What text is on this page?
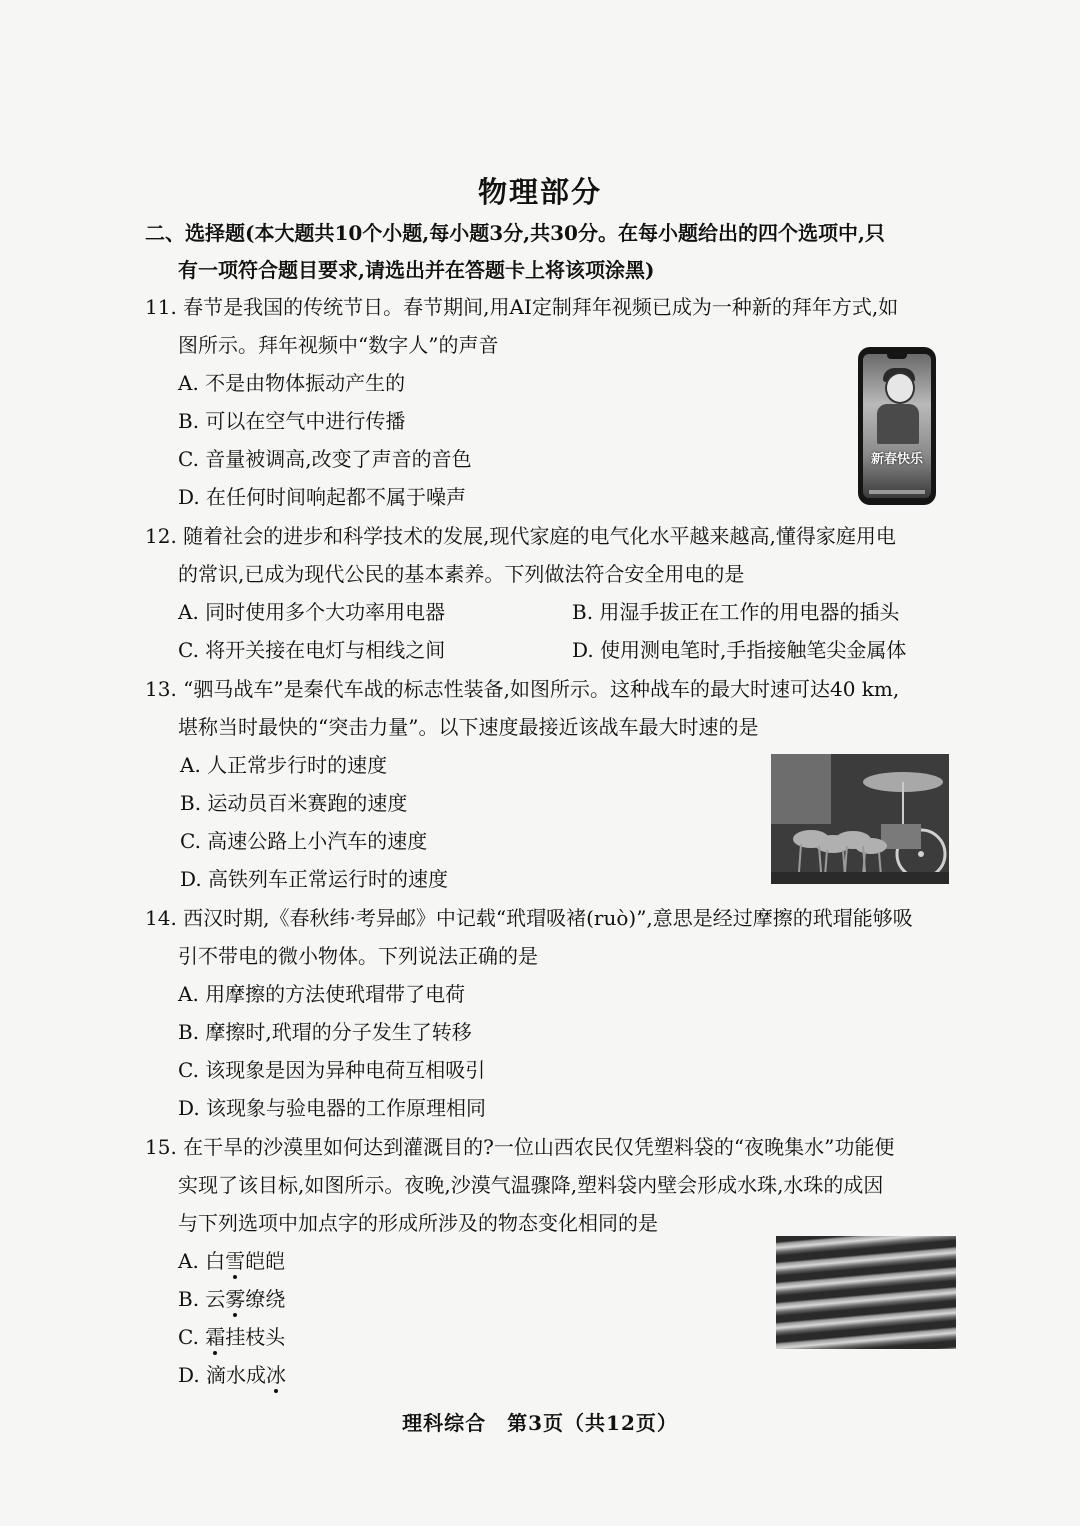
物理部分
二、选择题(本大题共10个小题,每小题3分,共30分。在每小题给出的四个选项中,只
有一项符合题目要求,请选出并在答题卡上将该项涂黑)
11. 春节是我国的传统节日。春节期间,用AI定制拜年视频已成为一种新的拜年方式,如
图所示。拜年视频中“数字人”的声音
A. 不是由物体振动产生的
B. 可以在空气中进行传播
C. 音量被调高,改变了声音的音色
D. 在任何时间响起都不属于噪声
新春快乐
12. 随着社会的进步和科学技术的发展,现代家庭的电气化水平越来越高,懂得家庭用电
的常识,已成为现代公民的基本素养。下列做法符合安全用电的是
A. 同时使用多个大功率用电器	B. 用湿手拔正在工作的用电器的插头
C. 将开关接在电灯与相线之间	D. 使用测电笔时,手指接触笔尖金属体
13. “驷马战车”是秦代车战的标志性装备,如图所示。这种战车的最大时速可达40 km,
堪称当时最快的“突击力量”。以下速度最接近该战车最大时速的是
A. 人正常步行时的速度
B. 运动员百米赛跑的速度
C. 高速公路上小汽车的速度
D. 高铁列车正常运行时的速度
14. 西汉时期,《春秋纬·考异邮》中记载“玳瑁吸褚(ruò)”,意思是经过摩擦的玳瑁能够吸
引不带电的微小物体。下列说法正确的是
A. 用摩擦的方法使玳瑁带了电荷
B. 摩擦时,玳瑁的分子发生了转移
C. 该现象是因为异种电荷互相吸引
D. 该现象与验电器的工作原理相同
15. 在干旱的沙漠里如何达到灌溉目的?一位山西农民仅凭塑料袋的“夜晚集水”功能便
实现了该目标,如图所示。夜晚,沙漠气温骤降,塑料袋内壁会形成水珠,水珠的成因
与下列选项中加点字的形成所涉及的物态变化相同的是
A. 白雪皑皑
B. 云雾缭绕
C. 霜挂枝头
D. 滴水成冰
理科综合　第3页（共12页）
